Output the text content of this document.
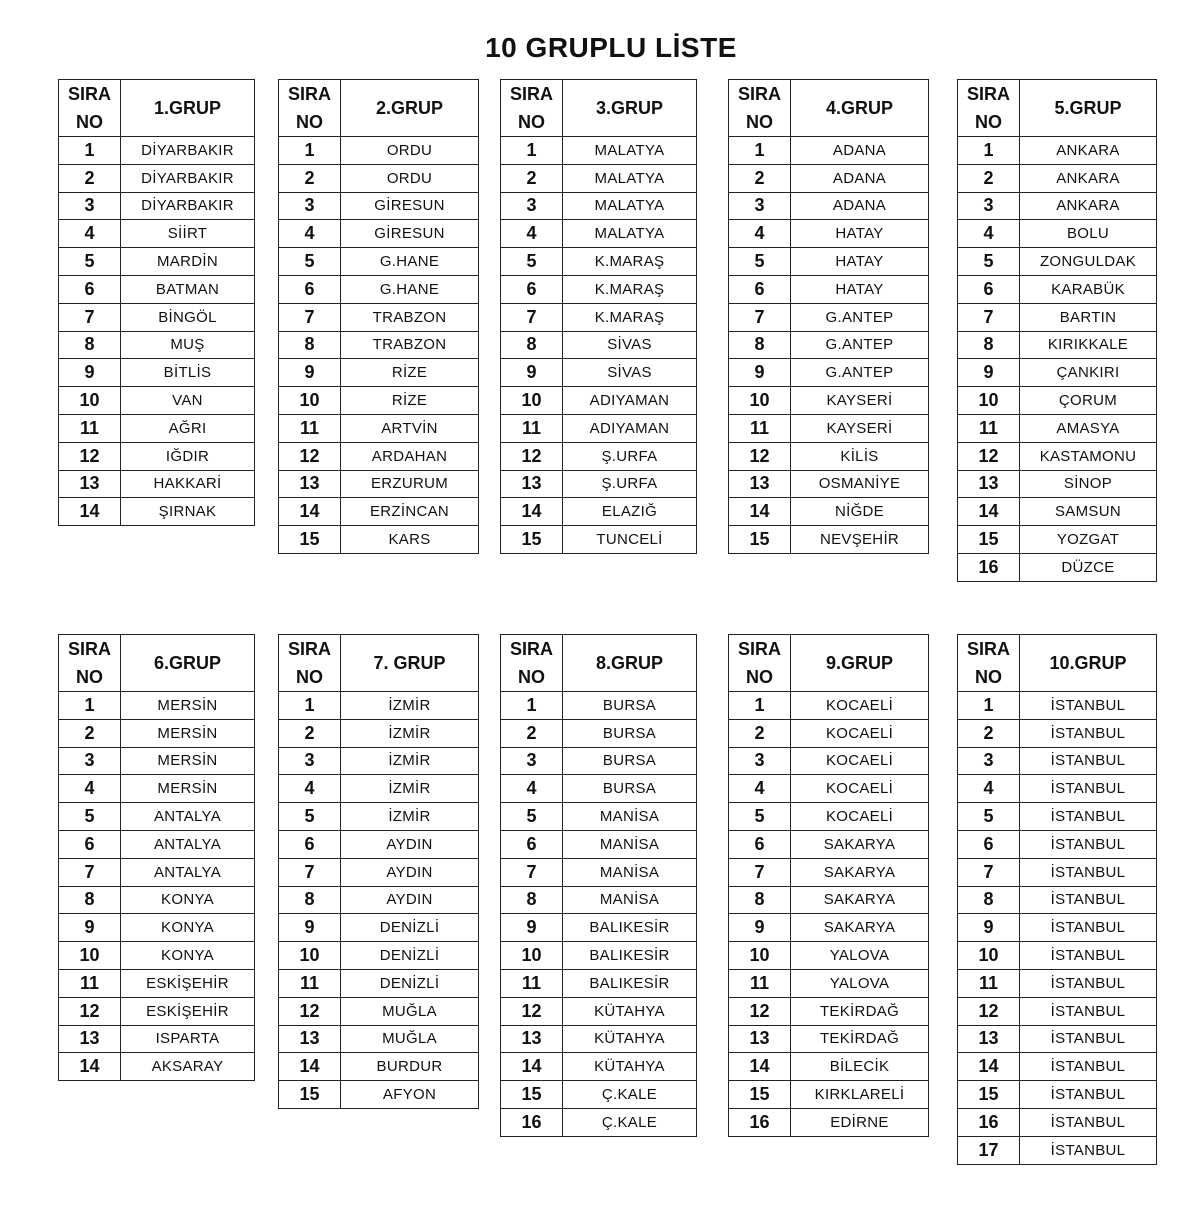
10 GRUPLU LİSTE
SIRA
NO	1.GRUP
1	DİYARBAKIR
2	DİYARBAKIR
3	DİYARBAKIR
4	SİİRT
5	MARDİN
6	BATMAN
7	BİNGÖL
8	MUŞ
9	BİTLİS
10	VAN
11	AĞRI
12	IĞDIR
13	HAKKARİ
14	ŞIRNAK
SIRA
NO	2.GRUP
1	ORDU
2	ORDU
3	GİRESUN
4	GİRESUN
5	G.HANE
6	G.HANE
7	TRABZON
8	TRABZON
9	RİZE
10	RİZE
11	ARTVİN
12	ARDAHAN
13	ERZURUM
14	ERZİNCAN
15	KARS
SIRA
NO	3.GRUP
1	MALATYA
2	MALATYA
3	MALATYA
4	MALATYA
5	K.MARAŞ
6	K.MARAŞ
7	K.MARAŞ
8	SİVAS
9	SİVAS
10	ADIYAMAN
11	ADIYAMAN
12	Ş.URFA
13	Ş.URFA
14	ELAZIĞ
15	TUNCELİ
SIRA
NO	4.GRUP
1	ADANA
2	ADANA
3	ADANA
4	HATAY
5	HATAY
6	HATAY
7	G.ANTEP
8	G.ANTEP
9	G.ANTEP
10	KAYSERİ
11	KAYSERİ
12	KİLİS
13	OSMANİYE
14	NİĞDE
15	NEVŞEHİR
SIRA
NO	5.GRUP
1	ANKARA
2	ANKARA
3	ANKARA
4	BOLU
5	ZONGULDAK
6	KARABÜK
7	BARTIN
8	KIRIKKALE
9	ÇANKIRI
10	ÇORUM
11	AMASYA
12	KASTAMONU
13	SİNOP
14	SAMSUN
15	YOZGAT
16	DÜZCE
SIRA
NO	6.GRUP
1	MERSİN
2	MERSİN
3	MERSİN
4	MERSİN
5	ANTALYA
6	ANTALYA
7	ANTALYA
8	KONYA
9	KONYA
10	KONYA
11	ESKİŞEHİR
12	ESKİŞEHİR
13	ISPARTA
14	AKSARAY
SIRA
NO	7. GRUP
1	İZMİR
2	İZMİR
3	İZMİR
4	İZMİR
5	İZMİR
6	AYDIN
7	AYDIN
8	AYDIN
9	DENİZLİ
10	DENİZLİ
11	DENİZLİ
12	MUĞLA
13	MUĞLA
14	BURDUR
15	AFYON
SIRA
NO	8.GRUP
1	BURSA
2	BURSA
3	BURSA
4	BURSA
5	MANİSA
6	MANİSA
7	MANİSA
8	MANİSA
9	BALIKESİR
10	BALIKESİR
11	BALIKESİR
12	KÜTAHYA
13	KÜTAHYA
14	KÜTAHYA
15	Ç.KALE
16	Ç.KALE
SIRA
NO	9.GRUP
1	KOCAELİ
2	KOCAELİ
3	KOCAELİ
4	KOCAELİ
5	KOCAELİ
6	SAKARYA
7	SAKARYA
8	SAKARYA
9	SAKARYA
10	YALOVA
11	YALOVA
12	TEKİRDAĞ
13	TEKİRDAĞ
14	BİLECİK
15	KIRKLARELİ
16	EDİRNE
SIRA
NO	10.GRUP
1	İSTANBUL
2	İSTANBUL
3	İSTANBUL
4	İSTANBUL
5	İSTANBUL
6	İSTANBUL
7	İSTANBUL
8	İSTANBUL
9	İSTANBUL
10	İSTANBUL
11	İSTANBUL
12	İSTANBUL
13	İSTANBUL
14	İSTANBUL
15	İSTANBUL
16	İSTANBUL
17	İSTANBUL
